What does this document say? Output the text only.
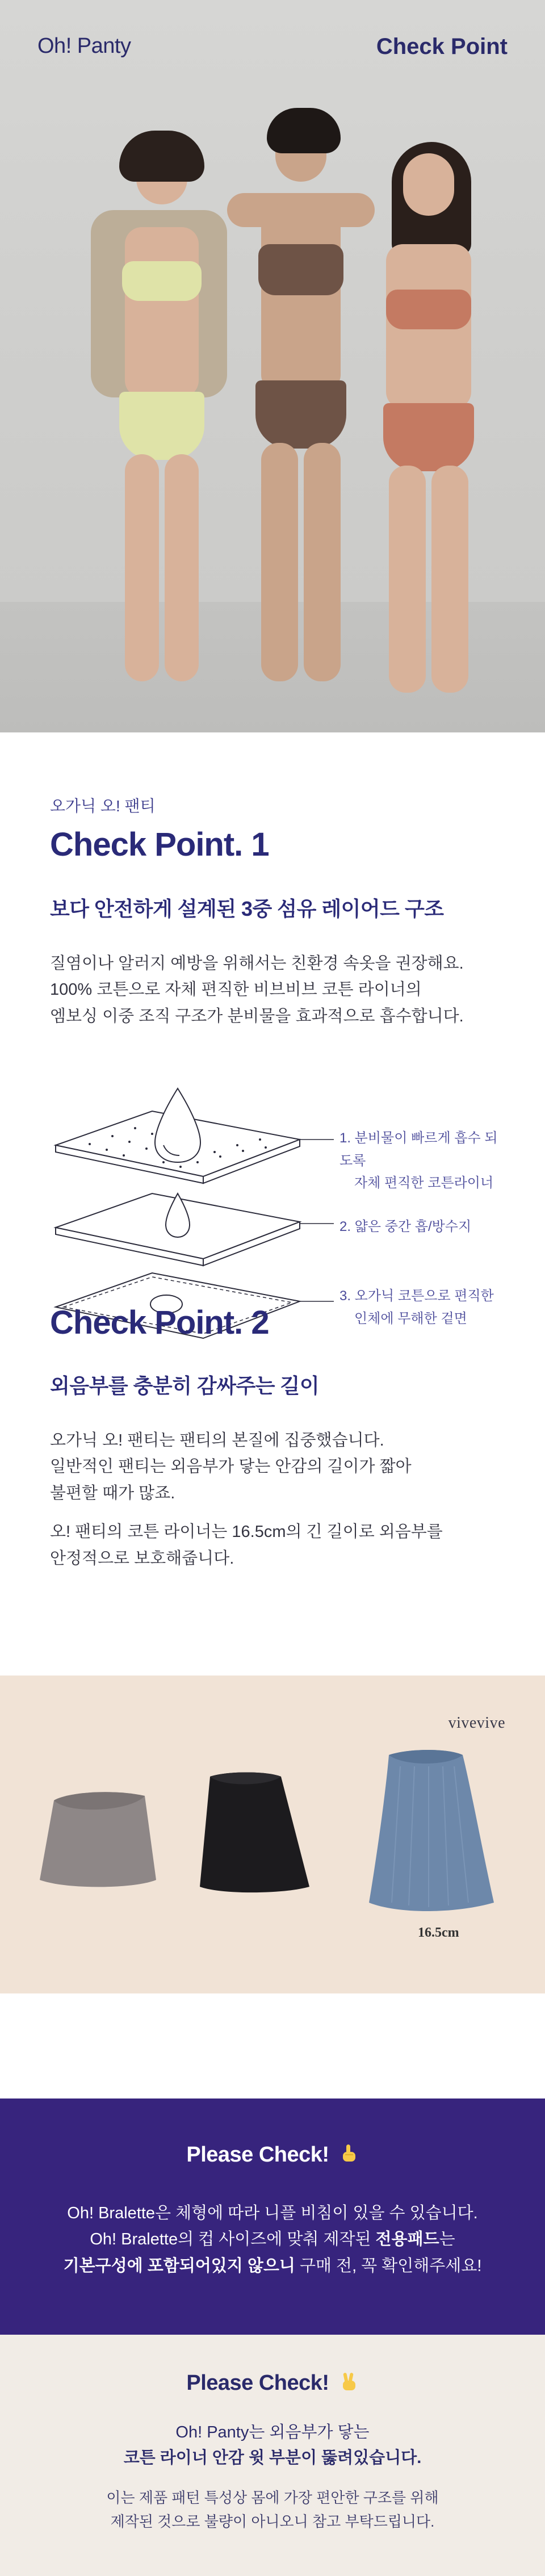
Oh! Panty	Check Point
오가닉 오! 팬티
Check Point. 1
보다 안전하게 설계된 3중 섬유 레이어드 구조

질염이나 알러지 예방을 위해서는 친환경 속옷을 권장해요.

100% 코튼으로 자체 편직한 비브비브 코튼 라이너의

엠보싱 이중 조직 구조가 분비물을 효과적으로 흡수합니다.

1. 분비물이 빠르게 흡수 되도록
자체 편직한 코튼라이너
2. 얇은 중간 흡/방수지
3. 오가닉 코튼으로 편직한
인체에 무해한 겉면
Check Point. 2
외음부를 충분히 감싸주는 길이

오가닉 오! 팬티는 팬티의 본질에 집중했습니다.
일반적인 팬티는 외음부가 닿는 안감의 길이가 짧아
불편할 때가 많죠.

오! 팬티의 코튼 라이너는 16.5cm의 긴 길이로 외음부를
안정적으로 보호해줍니다.

vivevive
16.5cm
Please Check!
Oh! Bralette은 체형에 따라 니플 비침이 있을 수 있습니다.
Oh! Bralette의 컵 사이즈에 맞춰 제작된 전용패드는
기본구성에 포함되어있지 않으니 구매 전, 꼭 확인해주세요!
Please Check!
Oh! Panty는 외음부가 닿는
코튼 라이너 안감 윗 부분이 뚫려있습니다.
이는 제품 패턴 특성상 몸에 가장 편안한 구조를 위해
제작된 것으로 불량이 아니오니 참고 부탁드립니다.
